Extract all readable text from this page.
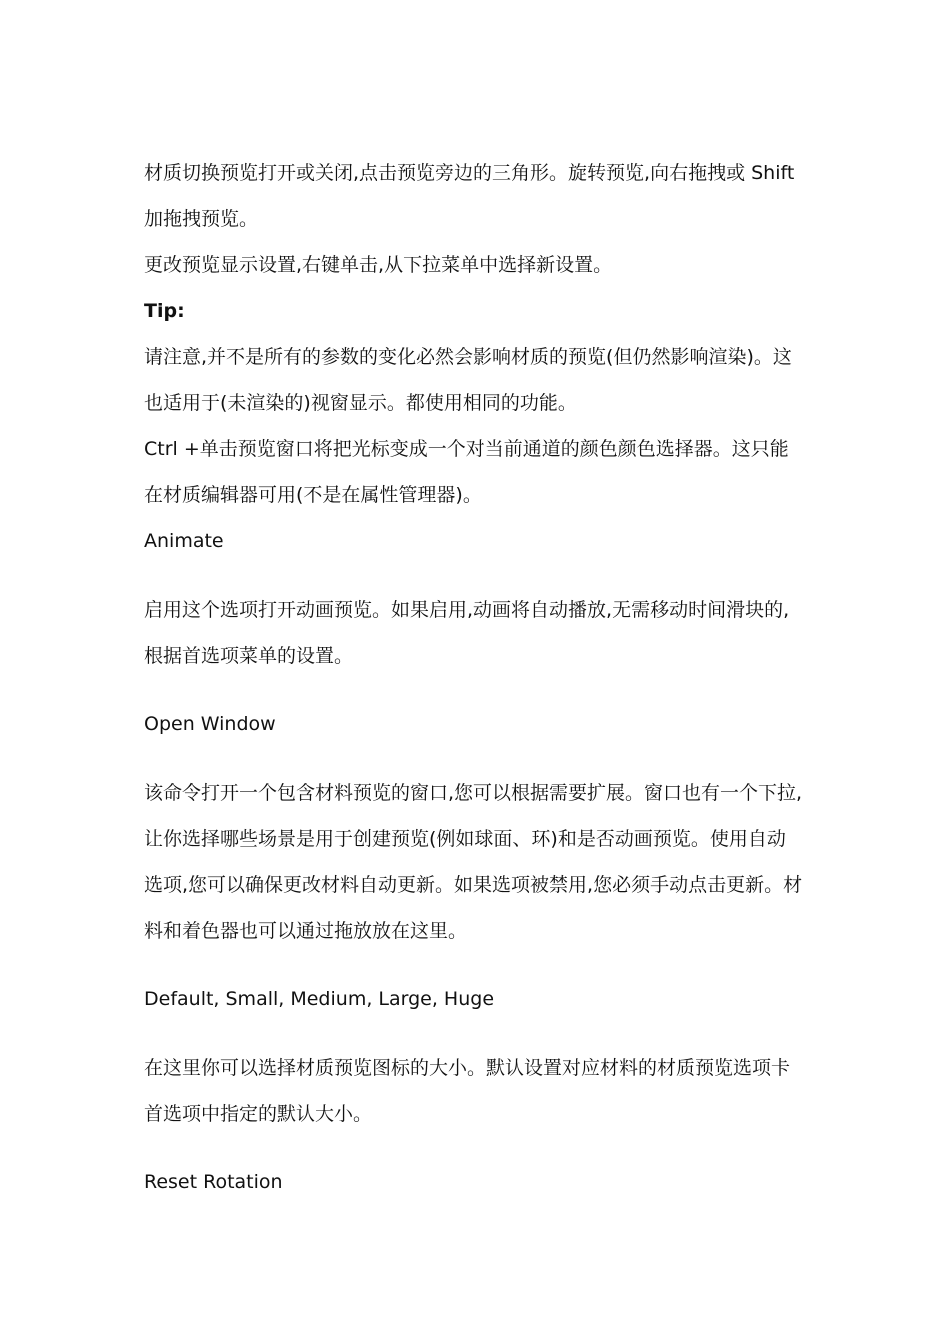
材质切换预览打开或关闭,点击预览旁边的三角形。旋转预览,向右拖拽或 Shift
加拖拽预览。
更改预览显示设置,右键单击,从下拉菜单中选择新设置。
Tip:
请注意,并不是所有的参数的变化必然会影响材质的预览(但仍然影响渲染)。这
也适用于(未渲染的)视窗显示。都使用相同的功能。
Ctrl +单击预览窗口将把光标变成一个对当前通道的颜色颜色选择器。这只能
在材质编辑器可用(不是在属性管理器)。
Animate
启用这个选项打开动画预览。如果启用,动画将自动播放,无需移动时间滑块的,
根据首选项菜单的设置。
Open Window
该命令打开一个包含材料预览的窗口,您可以根据需要扩展。窗口也有一个下拉,
让你选择哪些场景是用于创建预览(例如球面、环)和是否动画预览。使用自动
选项,您可以确保更改材料自动更新。如果选项被禁用,您必须手动点击更新。材
料和着色器也可以通过拖放放在这里。
Default, Small, Medium, Large, Huge
在这里你可以选择材质预览图标的大小。默认设置对应材料的材质预览选项卡
首选项中指定的默认大小。
Reset Rotation
